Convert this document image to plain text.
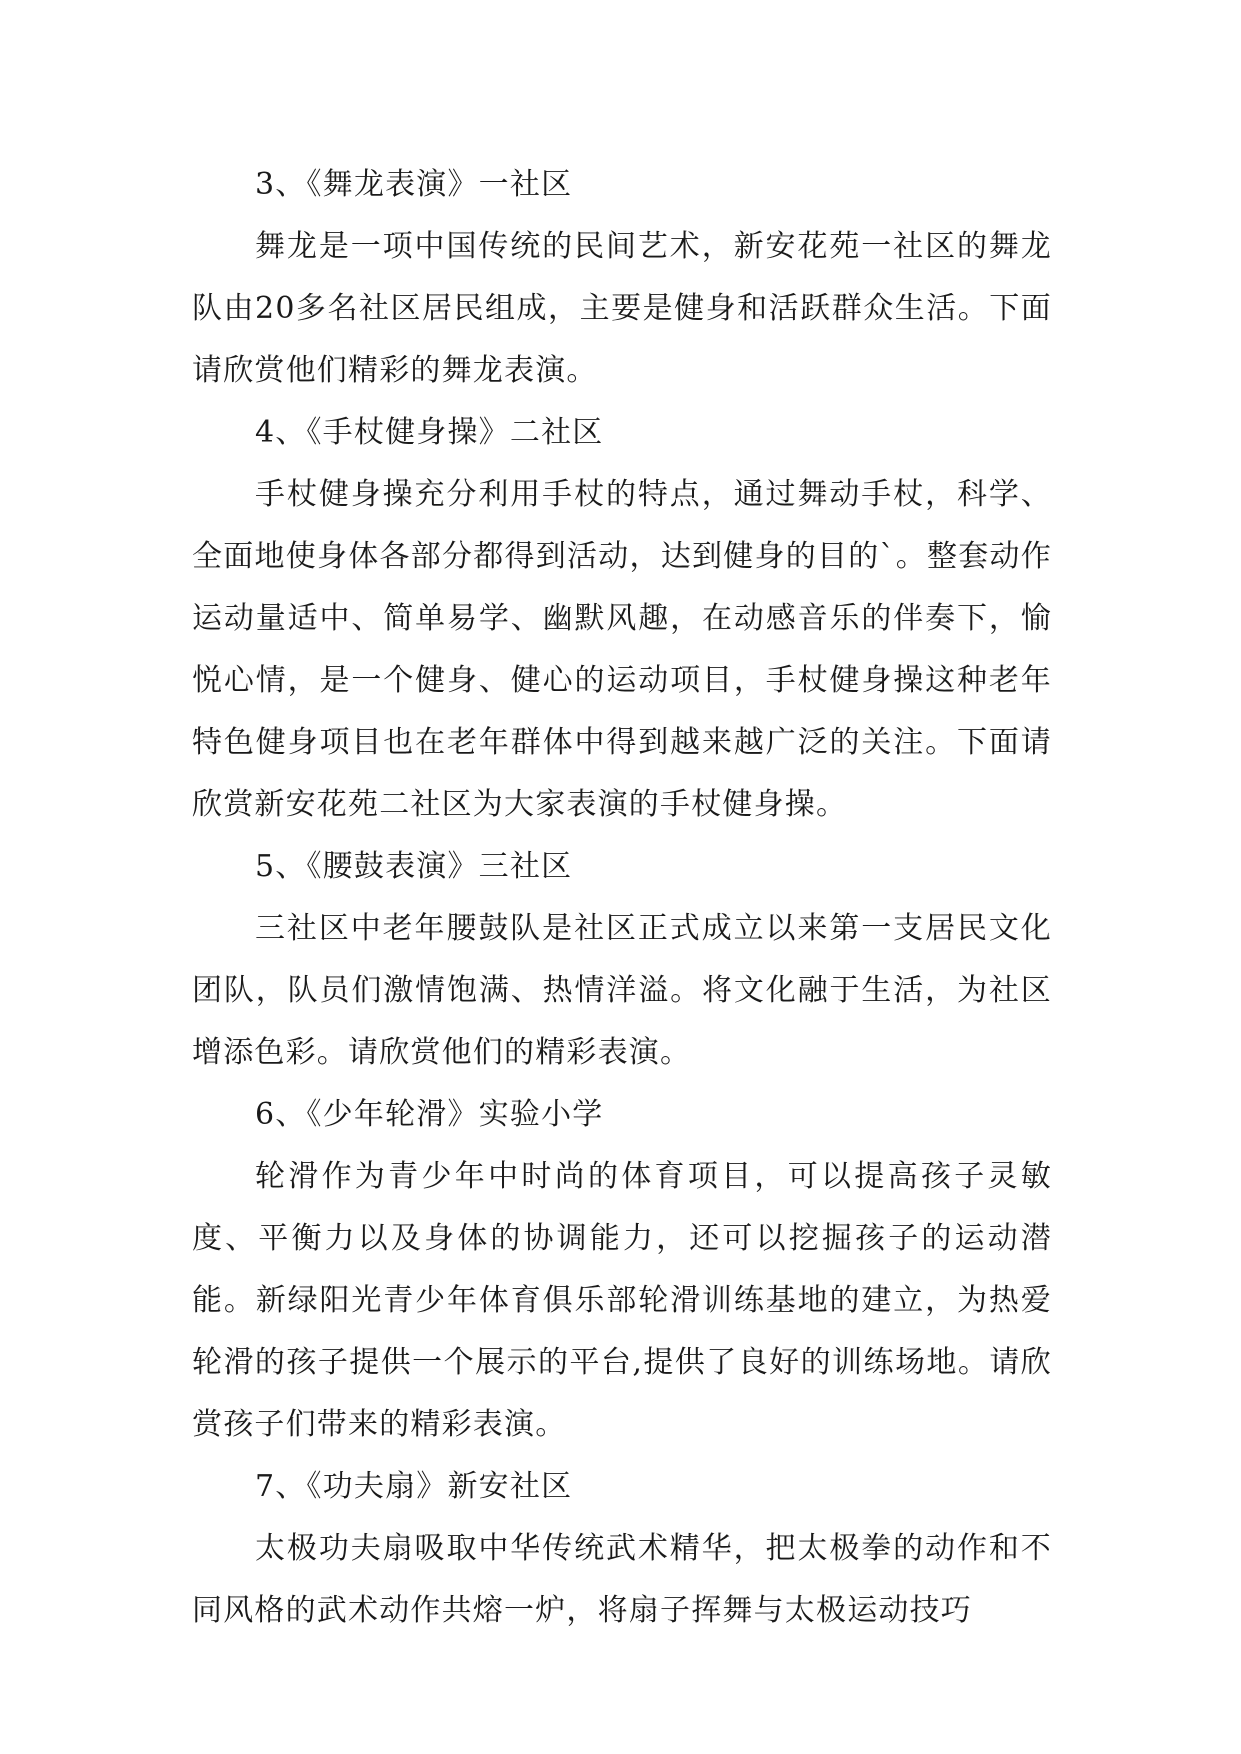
3、《舞龙表演》一社区

舞龙是一项中国传统的民间艺术，新安花苑一社区的舞龙队由20多名社区居民组成，主要是健身和活跃群众生活。下面请欣赏他们精彩的舞龙表演。

4、《手杖健身操》二社区

手杖健身操充分利用手杖的特点，通过舞动手杖，科学、全面地使身体各部分都得到活动，达到健身的目的`。整套动作运动量适中、简单易学、幽默风趣，在动感音乐的伴奏下，愉悦心情，是一个健身、健心的运动项目，手杖健身操这种老年特色健身项目也在老年群体中得到越来越广泛的关注。下面请欣赏新安花苑二社区为大家表演的手杖健身操。

5、《腰鼓表演》三社区

三社区中老年腰鼓队是社区正式成立以来第一支居民文化团队，队员们激情饱满、热情洋溢。将文化融于生活，为社区增添色彩。请欣赏他们的精彩表演。

6、《少年轮滑》实验小学

轮滑作为青少年中时尚的体育项目，可以提高孩子灵敏度、平衡力以及身体的协调能力，还可以挖掘孩子的运动潜能。新绿阳光青少年体育俱乐部轮滑训练基地的建立，为热爱轮滑的孩子提供一个展示的平台,提供了良好的训练场地。请欣赏孩子们带来的精彩表演。

7、《功夫扇》新安社区

太极功夫扇吸取中华传统武术精华，把太极拳的动作和不同风格的武术动作共熔一炉，将扇子挥舞与太极运动技巧
